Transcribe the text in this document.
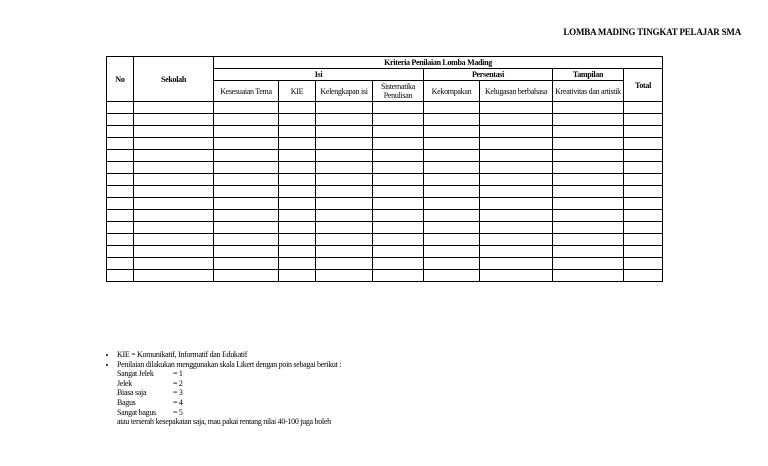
LOMBA MADING TINGKAT PELAJAR SMA
No	Sekolah	Kriteria Penilaian Lomba Mading							
		Isi				Persentasi		Tampilan	Total
		Kesesuaian Tema	KIE	Kelengkapan isi	Sistematika Penulisan	Kekompakan	Kelugasan berbahasa	Kreativitas dan artistik	

• KIE = Komunikatif, Informatif dan Edukatif
• Penilaian dilakukan menggunakan skala Likert dengan poin sebagai berikut :
Sangat Jelek	= 1
Jelek	= 2
Biasa saja	= 3
Bagus	= 4
Sangat bagus	= 5
atau terserah kesepakatan saja, mau pakai rentang nilai 40-100 juga boleh
